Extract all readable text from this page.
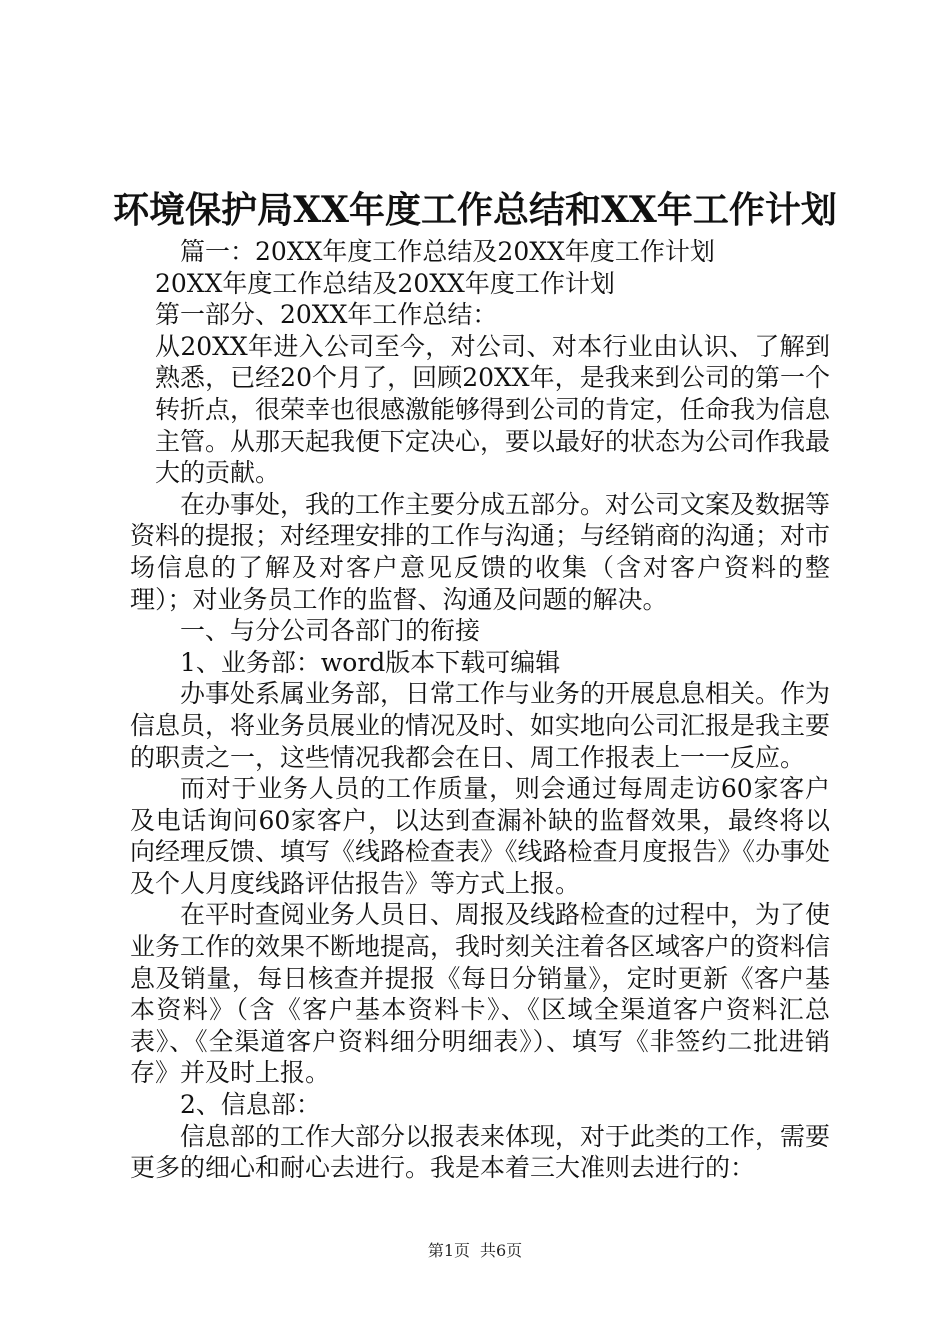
环境保护局XX年度工作总结和XX年工作计划

篇一：20XX年度工作总结及20XX年度工作计划

20XX年度工作总结及20XX年度工作计划

第一部分、20XX年工作总结：

从20XX年进入公司至今，对公司、对本行业由认识、了解到熟悉，已经20个月了，回顾20XX年，是我来到公司的第一个转折点，很荣幸也很感激能够得到公司的肯定，任命我为信息主管。从那天起我便下定决心，要以最好的状态为公司作我最大的贡献。

在办事处，我的工作主要分成五部分。对公司文案及数据等资料的提报；对经理安排的工作与沟通；与经销商的沟通；对市场信息的了解及对客户意见反馈的收集（含对客户资料的整理）；对业务员工作的监督、沟通及问题的解决。

一、与分公司各部门的衔接

1、业务部：word版本下载可编辑

办事处系属业务部，日常工作与业务的开展息息相关。作为信息员，将业务员展业的情况及时、如实地向公司汇报是我主要的职责之一，这些情况我都会在日、周工作报表上一一反应。

而对于业务人员的工作质量，则会通过每周走访60家客户及电话询问60家客户，以达到查漏补缺的监督效果，最终将以向经理反馈、填写《线路检查表》《线路检查月度报告》《办事处及个人月度线路评估报告》等方式上报。

在平时查阅业务人员日、周报及线路检查的过程中，为了使业务工作的效果不断地提高，我时刻关注着各区域客户的资料信息及销量，每日核查并提报《每日分销量》，定时更新《客户基本资料》（含《客户基本资料卡》、《区域全渠道客户资料汇总表》、《全渠道客户资料细分明细表》）、填写《非签约二批进销存》并及时上报。

2、信息部：

信息部的工作大部分以报表来体现，对于此类的工作，需要更多的细心和耐心去进行。我是本着三大准则去进行的：

第1页 共6页
